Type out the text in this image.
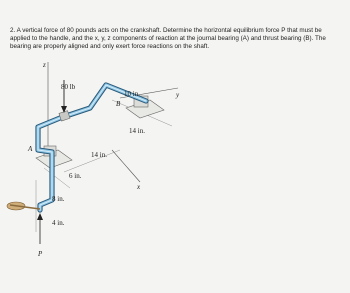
2. A vertical force of 80 pounds acts on the crankshaft. Determine the horizontal equilibrium force P that must be applied to the handle, and the x, y, z components of reaction at the journal bearing (A) and thrust bearing (B). The bearing are properly aligned and only exert force reactions on the shaft.

z
y
x
80 lb
A
B
10 in.
14 in.
14 in.
6 in.
8 in.
4 in.
P
